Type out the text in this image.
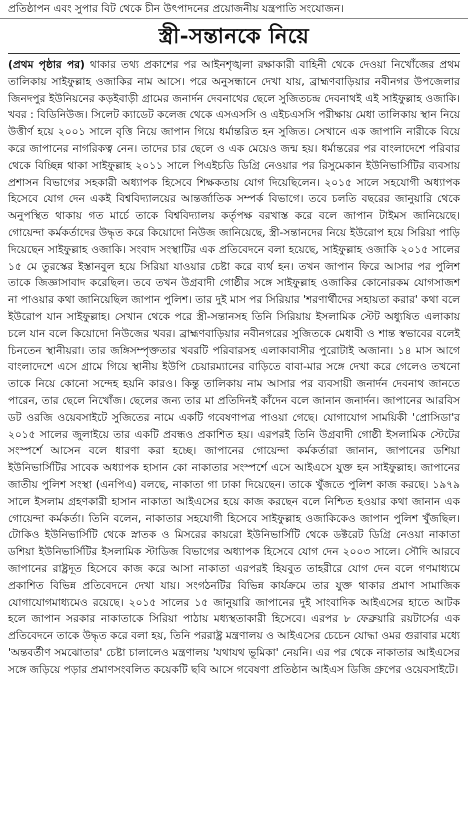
প্রতিষ্ঠাপন এবং সুপার বিট থেকে চীন উৎপাদনের প্রয়োজনীয় যন্ত্রপাতি সংযোজন।
স্ত্রী-সন্তানকে নিয়ে

(প্রথম পৃষ্ঠার পর) থাকার তথ্য প্রকাশের পর আইনশৃঙ্খলা রক্ষাকারী বাহিনী থেকে দেওয়া নিখোঁজের প্রথম তালিকায় সাইফুল্লাহ ওজাকির নাম আসে। পরে অনুসন্ধানে দেখা যায়, ব্রাহ্মণবাড়িয়ার নবীনগর উপজেলার জিনদপুর ইউনিয়নের কড়ইবাড়ী গ্রামের জনার্দন দেবনাথের ছেলে সুজিতচন্দ্র দেবনাথই এই সাইফুল্লাহ ওজাকি। খবর : বিডিনিউজ। সিলেট ক্যাডেট কলেজ থেকে এসএসসি ও এইচএসসি পরীক্ষায় মেধা তালিকায় স্থান নিয়ে উত্তীর্ণ হয়ে ২০০১ সালে বৃত্তি নিয়ে জাপান গিয়ে ধর্মান্তরিত হন সুজিত। সেখানে এক জাপানি নারীকে বিয়ে করে জাপানের নাগরিকত্ব নেন। তাদের চার ছেলে ও এক মেয়েও জন্ম হয়। ধর্মান্তরের পর বাংলাদেশে পরিবার থেকে বিচ্ছিন্ন থাকা সাইফুল্লাহ ২০১১ সালে পিএইচডি ডিগ্রি নেওয়ার পর রিসুমেকান ইউনিভার্সিটির ব্যবসায় প্রশাসন বিভাগের সহকারী অধ্যাপক হিসেবে শিক্ষকতায় যোগ দিয়েছিলেন। ২০১৫ সালে সহযোগী অধ্যাপক হিসেবে যোগ দেন একই বিশ্ববিদ্যালয়ের আন্তর্জাতিক সম্পর্ক বিভাগে। তবে চলতি বছরের জানুয়ারি থেকে অনুপস্থিত থাকায় গত মার্চে তাকে বিশ্ববিদ্যালয় কর্তৃপক্ষ বরখাস্ত করে বলে জাপান টাইমস জানিয়েছে। গোয়েন্দা কর্মকর্তাদের উদ্ধৃত করে কিয়োদো নিউজ জানিয়েছে, স্ত্রী-সন্তানদের নিয়ে ইউরোপ হয়ে সিরিয়া পাড়ি দিয়েছেন সাইফুল্লাহ ওজাকি। সংবাদ সংস্থাটির এক প্রতিবেদনে বলা হয়েছে, সাইফুল্লাহ ওজাকি ২০১৫ সালের ১৫ মে তুরস্কের ইস্তানবুল হয়ে সিরিয়া যাওয়ার চেষ্টা করে ব্যর্থ হন। তখন জাপান ফিরে আসার পর পুলিশ তাকে জিজ্ঞাসাবাদ করেছিল। তবে তখন উগ্রবাদী গোষ্ঠীর সঙ্গে সাইফুল্লাহ ওজাকির কোনোরকম যোগসাজশ না পাওয়ার কথা জানিয়েছিল জাপান পুলিশ। তার দুই মাস পর সিরিয়ার 'শরণার্থীদের সহায়তা করার' কথা বলে ইউরোপ যান সাইফুল্লাহ। সেখান থেকে পরে স্ত্রী-সন্তানসহ তিনি সিরিয়ায় ইসলামিক স্টেট অধ্যুষিত এলাকায় চলে যান বলে কিয়োদো নিউজের খবর। ব্রাহ্মণবাড়িয়ার নবীনগরের সুজিতকে মেধাবী ও শান্ত স্বভাবের বলেই চিনতেন স্থানীয়রা। তার জঙ্গিসম্পৃক্ততার খবরটি পরিবারসহ এলাকাবাসীর পুরোটাই অজানা। ১৪ মাস আগে বাংলাদেশে এসে গ্রামে গিয়ে স্থানীয় ইউপি চেয়ারম্যানের বাড়িতে বাবা-মার সঙ্গে দেখা করে গেলেও তখনো তাকে নিয়ে কোনো সন্দেহ হয়নি কারও। কিন্তু তালিকায় নাম আসার পর ব্যবসায়ী জনার্দন দেবনাথ জানতে পারেন, তার ছেলে নিখোঁজ। ছেলের জন্য তার মা প্রতিদিনই কাঁদেন বলে জানান জনার্দন। জাপানের আরবিস ডট ওরজি ওয়েবসাইটে সুজিতের নামে একটি গবেষণাপত্র পাওয়া গেছে। যোগাযোগ সাময়িকী 'প্রোসিডা'র ২০১৫ সালের জুলাইয়ে তার একটি প্রবন্ধও প্রকাশিত হয়। এরপরই তিনি উগ্রবাদী গোষ্ঠী ইসলামিক স্টেটের সংস্পর্শে আসেন বলে ধারণা করা হচ্ছে। জাপানের গোয়েন্দা কর্মকর্তারা জানান, জাপানের ডশিয়া ইউনিভার্সিটির সাবেক অধ্যাপক হাসান কো নাকাতার সংস্পর্শে এসে আইএসে যুক্ত হন সাইফুল্লাহ। জাপানের জাতীয় পুলিশ সংস্থা (এনপিএ) বলছে, নাকাতা গা ঢাকা দিয়েছেন। তাকে খুঁজতে পুলিশ কাজ করছে। ১৯৭৯ সালে ইসলাম গ্রহণকারী হাসান নাকাতা আইএসের হয়ে কাজ করছেন বলে নিশ্চিত হওয়ার কথা জানান এক গোয়েন্দা কর্মকর্তা। তিনি বলেন, নাকাতার সহযোগী হিসেবে সাইফুল্লাহ ওজাকিকেও জাপান পুলিশ খুঁজছিল। টোকিও ইউনিভার্সিটি থেকে স্নাতক ও মিসরের কায়রো ইউনিভার্সিটি থেকে ডক্টরেট ডিগ্রি নেওয়া নাকাতা ডশিয়া ইউনিভার্সিটির ইসলামিক স্টাডিজ বিভাগের অধ্যাপক হিসেবে যোগ দেন ২০০৩ সালে। সৌদি আরবে জাপানের রাষ্ট্রদূত হিসেবে কাজ করে আসা নাকাতা এরপরই হিযবুত তাহরীরে যোগ দেন বলে গণমাধ্যমে প্রকাশিত বিভিন্ন প্রতিবেদনে দেখা যায়। সংগঠনটির বিভিন্ন কার্যক্রমে তার যুক্ত থাকার প্রমাণ সামাজিক যোগাযোগমাধ্যমেও রয়েছে। ২০১৫ সালের ১৫ জানুয়ারি জাপানের দুই সাংবাদিক আইএসের হাতে আটক হলে জাপান সরকার নাকাতাকে সিরিয়া পাঠায় মধ্যস্থতাকারী হিসেবে। এরপর ৮ ফেব্রুয়ারি রয়টার্সের এক প্রতিবেদনে তাকে উদ্ধৃত করে বলা হয়, তিনি পররাষ্ট্র মন্ত্রণালয় ও আইএসের চেচেন যোদ্ধা ওমর গুরাবার মধ্যে 'অন্তবর্তীণ সমঝোতার' চেষ্টা চালালেও মন্ত্রণালয় 'যথাযথ ভূমিকা' নেয়নি। এর পর থেকে নাকাতার আইএসের সঙ্গে জড়িয়ে পড়ার প্রমাণসংবলিত কয়েকটি ছবি আসে গবেষণা প্রতিষ্ঠান আইএস ডিজি গ্রুপের ওয়েবসাইটে।
